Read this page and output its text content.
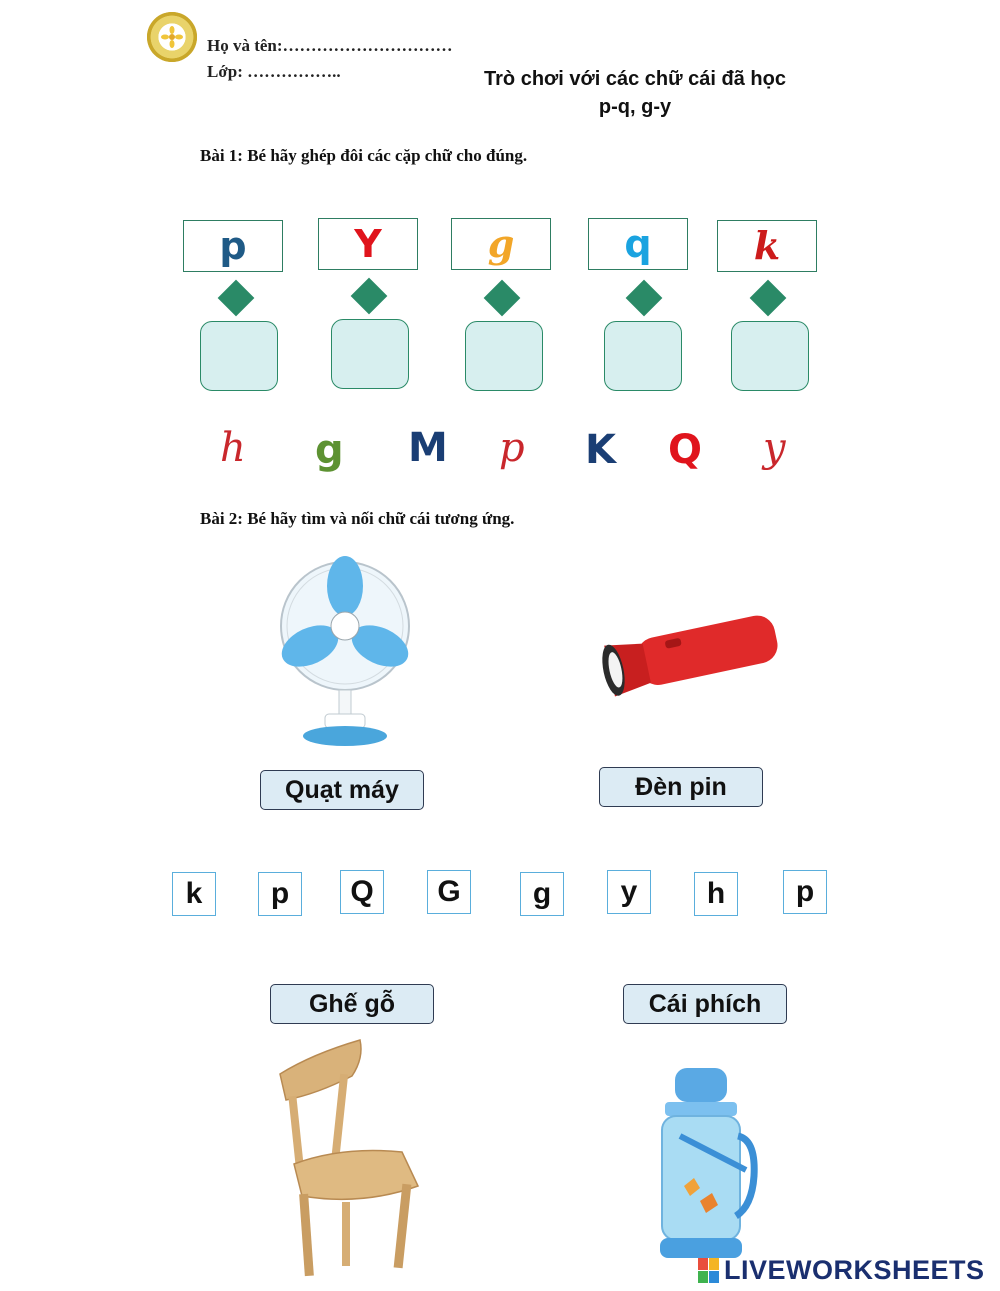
Họ và tên:…………………………
Lớp: ……………..	Trò chơi với các chữ cái đã học
p-q, g-y
Bài 1: Bé hãy ghép đôi các cặp chữ cho đúng.
p	Y	g	q	k
h g M p K Q y
Bài 2: Bé hãy tìm và nối chữ cái tương ứng.
Quạt máy	Đèn pin
k	p	Q	G	g	y	h	p
Ghế gỗ	Cái phích
LIVEWORKSHEETS
